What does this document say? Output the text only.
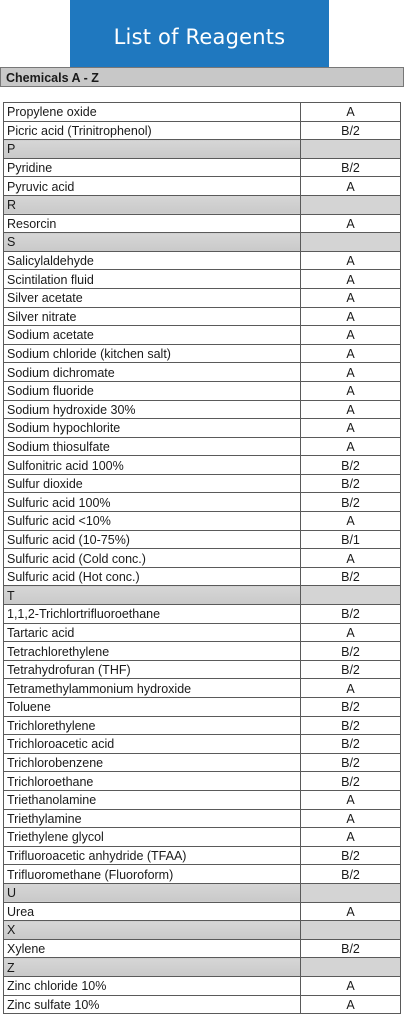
List of Reagents
Chemicals A - Z
Propylene oxide	A
Picric acid (Trinitrophenol)	B/2
P	
Pyridine	B/2
Pyruvic acid	A
R	
Resorcin	A
S	
Salicylaldehyde	A
Scintilation fluid	A
Silver acetate	A
Silver nitrate	A
Sodium acetate	A
Sodium chloride (kitchen salt)	A
Sodium dichromate	A
Sodium fluoride	A
Sodium hydroxide 30%	A
Sodium hypochlorite	A
Sodium thiosulfate	A
Sulfonitric acid 100%	B/2
Sulfur dioxide	B/2
Sulfuric acid 100%	B/2
Sulfuric acid <10%	A
Sulfuric acid (10-75%)	B/1
Sulfuric acid (Cold conc.)	A
Sulfuric acid (Hot conc.)	B/2
T	
1,1,2-Trichlortrifluoroethane	B/2
Tartaric acid	A
Tetrachlorethylene	B/2
Tetrahydrofuran (THF)	B/2
Tetramethylammonium hydroxide	A
Toluene	B/2
Trichlorethylene	B/2
Trichloroacetic acid	B/2
Trichlorobenzene	B/2
Trichloroethane	B/2
Triethanolamine	A
Triethylamine	A
Triethylene glycol	A
Trifluoroacetic anhydride (TFAA)	B/2
Trifluoromethane (Fluoroform)	B/2
U	
Urea	A
X	
Xylene	B/2
Z	
Zinc chloride 10%	A
Zinc sulfate 10%	A
